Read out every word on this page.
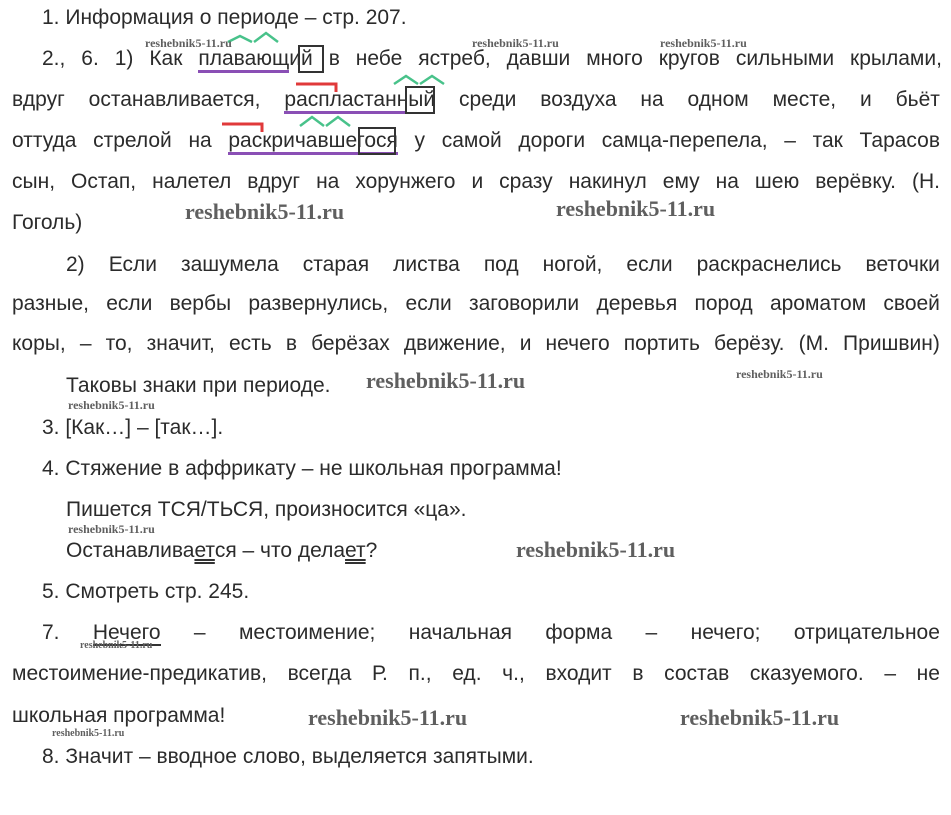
1. Информация о периоде – стр. 207.
2., 6. 1) Как плавающий в небе ястреб, давши много кругов сильными крылами,
вдруг останавливается, распластанный среди воздуха на одном месте, и бьёт
оттуда стрелой на раскричавшегося у самой дороги самца-перепела, – так Тарасов
сын, Остап, налетел вдруг на хорунжего и сразу накинул ему на шею верёвку. (Н.
Гоголь)
2) Если зашумела старая листва под ногой, если раскраснелись веточки
разные, если вербы развернулись, если заговорили деревья пород ароматом своей
коры, – то, значит, есть в берёзах движение, и нечего портить берёзу. (М. Пришвин)
Таковы знаки при периоде.
3. [Как…] – [так…].
4. Стяжение в аффрикату – не школьная программа!
Пишется ТСЯ/ТЬСЯ, произносится «ца».
Останавливается – что делает?
5. Смотреть стр. 245.
7. Нечего – местоимение; начальная форма – нечего; отрицательное
местоимение-предикатив, всегда Р. п., ед. ч., входит в состав сказуемого. – не
школьная программа!
8. Значит – вводное слово, выделяется запятыми.
reshebnik5-11.ru	reshebnik5-11.ru	reshebnik5-11.ru
reshebnik5-11.ru	reshebnik5-11.ru
reshebnik5-11.ru	reshebnik5-11.ru
reshebnik5-11.ru
reshebnik5-11.ru
reshebnik5-11.ru
reshebnik5-11.ru
reshebnik5-11.ru	reshebnik5-11.ru
reshebnik5-11.ru
